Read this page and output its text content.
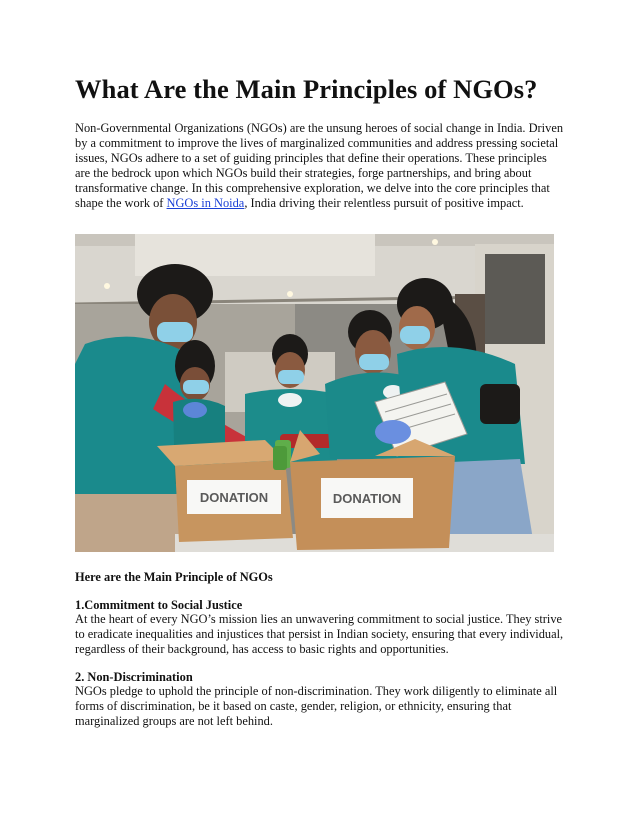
What Are the Main Principles of NGOs?

Non-Governmental Organizations (NGOs) are the unsung heroes of social change in India. Driven by a commitment to improve the lives of marginalized communities and address pressing societal issues, NGOs adhere to a set of guiding principles that define their operations. These principles are the bedrock upon which NGOs build their strategies, forge partnerships, and bring about transformative change. In this comprehensive exploration, we delve into the core principles that shape the work of NGOs in Noida, India driving their relentless pursuit of positive impact.

DONATION	DONATION

Here are the Main Principle of NGOs

1.Commitment to Social Justice

At the heart of every NGO’s mission lies an unwavering commitment to social justice. They strive to eradicate inequalities and injustices that persist in Indian society, ensuring that every individual, regardless of their background, has access to basic rights and opportunities.

2. Non-Discrimination

NGOs pledge to uphold the principle of non-discrimination. They work diligently to eliminate all forms of discrimination, be it based on caste, gender, religion, or ethnicity, ensuring that marginalized groups are not left behind.
